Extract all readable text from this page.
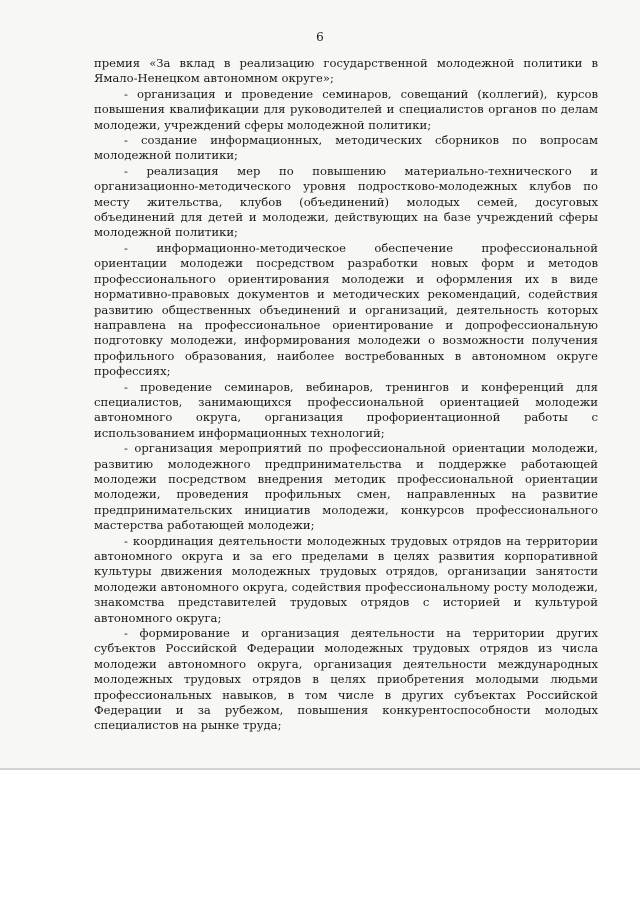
6

премия «За вклад в реализацию государственной молодежной политики в Ямало-Ненецком автономном округе»;

- организация и проведение семинаров, совещаний (коллегий), курсов повышения квалификации для руководителей и специалистов органов по делам молодежи, учреждений сферы молодежной политики;

- создание информационных, методических сборников по вопросам молодежной политики;

- реализация мер по повышению материально-технического и организационно-методического уровня подростково-молодежных клубов по месту жительства, клубов (объединений) молодых семей, досуговых объединений для детей и молодежи, действующих на базе учреждений сферы молодежной политики;

- информационно-методическое обеспечение профессиональной ориентации молодежи посредством разработки новых форм и методов профессионального ориентирования молодежи и оформления их в виде нормативно-правовых документов и методических рекомендаций, содействия развитию общественных объединений и организаций, деятельность которых направлена на профессиональное ориентирование и допрофессиональную подготовку молодежи, информирования молодежи о возможности получения профильного образования, наиболее востребованных в автономном округе профессиях;

- проведение семинаров, вебинаров, тренингов и конференций для специалистов, занимающихся профессиональной ориентацией молодежи автономного округа, организация профориентационной работы с использованием информационных технологий;

- организация мероприятий по профессиональной ориентации молодежи, развитию молодежного предпринимательства и поддержке работающей молодежи посредством внедрения методик профессиональной ориентации молодежи, проведения профильных смен, направленных на развитие предпринимательских инициатив молодежи, конкурсов профессионального мастерства работающей молодежи;

- координация деятельности молодежных трудовых отрядов на территории автономного округа и за его пределами в целях развития корпоративной культуры движения молодежных трудовых отрядов, организации занятости молодежи автономного округа, содействия профессиональному росту молодежи, знакомства представителей трудовых отрядов с историей и культурой автономного округа;

- формирование и организация деятельности на территории других субъектов Российской Федерации молодежных трудовых отрядов из числа молодежи автономного округа, организация деятельности международных молодежных трудовых отрядов в целях приобретения молодыми людьми профессиональных навыков, в том числе в других субъектах Российской Федерации и за рубежом, повышения конкурентоспособности молодых специалистов на рынке труда;
